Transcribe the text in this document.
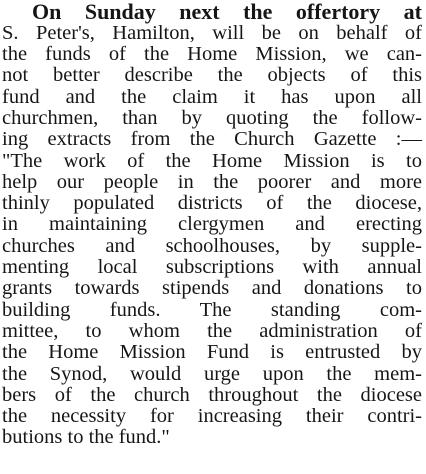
On Sunday next the offertory at
S. Peter's, Hamilton, will be on behalf of
the funds of the Home Mission, we can-
not better describe the objects of this
fund and the claim it has upon all
churchmen, than by quoting the follow-
ing extracts from the Church Gazette :—
"The work of the Home Mission is to
help our people in the poorer and more
thinly populated districts of the diocese,
in maintaining clergymen and erecting
churches and schoolhouses, by supple-
menting local subscriptions with annual
grants towards stipends and donations to
building funds. The standing com-
mittee, to whom the administration of
the Home Mission Fund is entrusted by
the Synod, would urge upon the mem-
bers of the church throughout the diocese
the necessity for increasing their contri-
butions to the fund."
